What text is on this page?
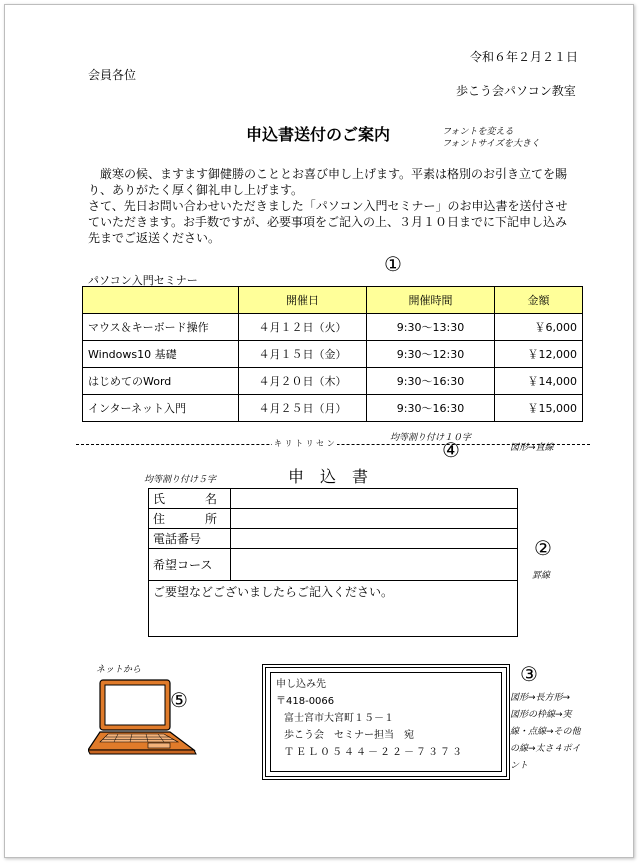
令和６年２月２１日
会員各位
歩こう会パソコン教室
申込書送付のご案内	フォントを変える
フォントサイズを大きく
　厳寒の候、ますます御健勝のこととお喜び申し上げます。平素は格別のお引き立てを賜
り、ありがたく厚く御礼申し上げます。
さて、先日お問い合わせいただきました「パソコン入門セミナー」のお申込書を送付させ
ていただきます。お手数ですが、必要事項をご記入の上、３月１０日までに下記申し込み
先までご返送ください。
①
パソコン入門セミナー
	開催日	開催時間	金額
マウス＆キーボード操作	４月１２日（火）	9:30～13:30	￥6,000
Windows10 基礎	４月１５日（金）	9:30～12:30	￥12,000
はじめてのWord	４月２０日（木）	9:30～16:30	￥14,000
インターネット入門	４月２５日（月）	9:30～16:30	￥15,000
均等割り付け１０字
キ リ ト リ セ ン	図形→直線
④
均等割り付け５字	申　込　書
氏 名	

住 所	

電話番号	
希望コース	
ご要望などございましたらご記入ください。	
②
罫線
ネットから
⑤
申し込み先
〒418-0066
富士宮市大宮町１５－１
歩こう会　セミナー担当　宛
ＴＥＬ０５４４－２２－７３７３
③
図形→長方形→
図形の枠線→実
線・点線→その他
の線→太さ４ポイ
ント
